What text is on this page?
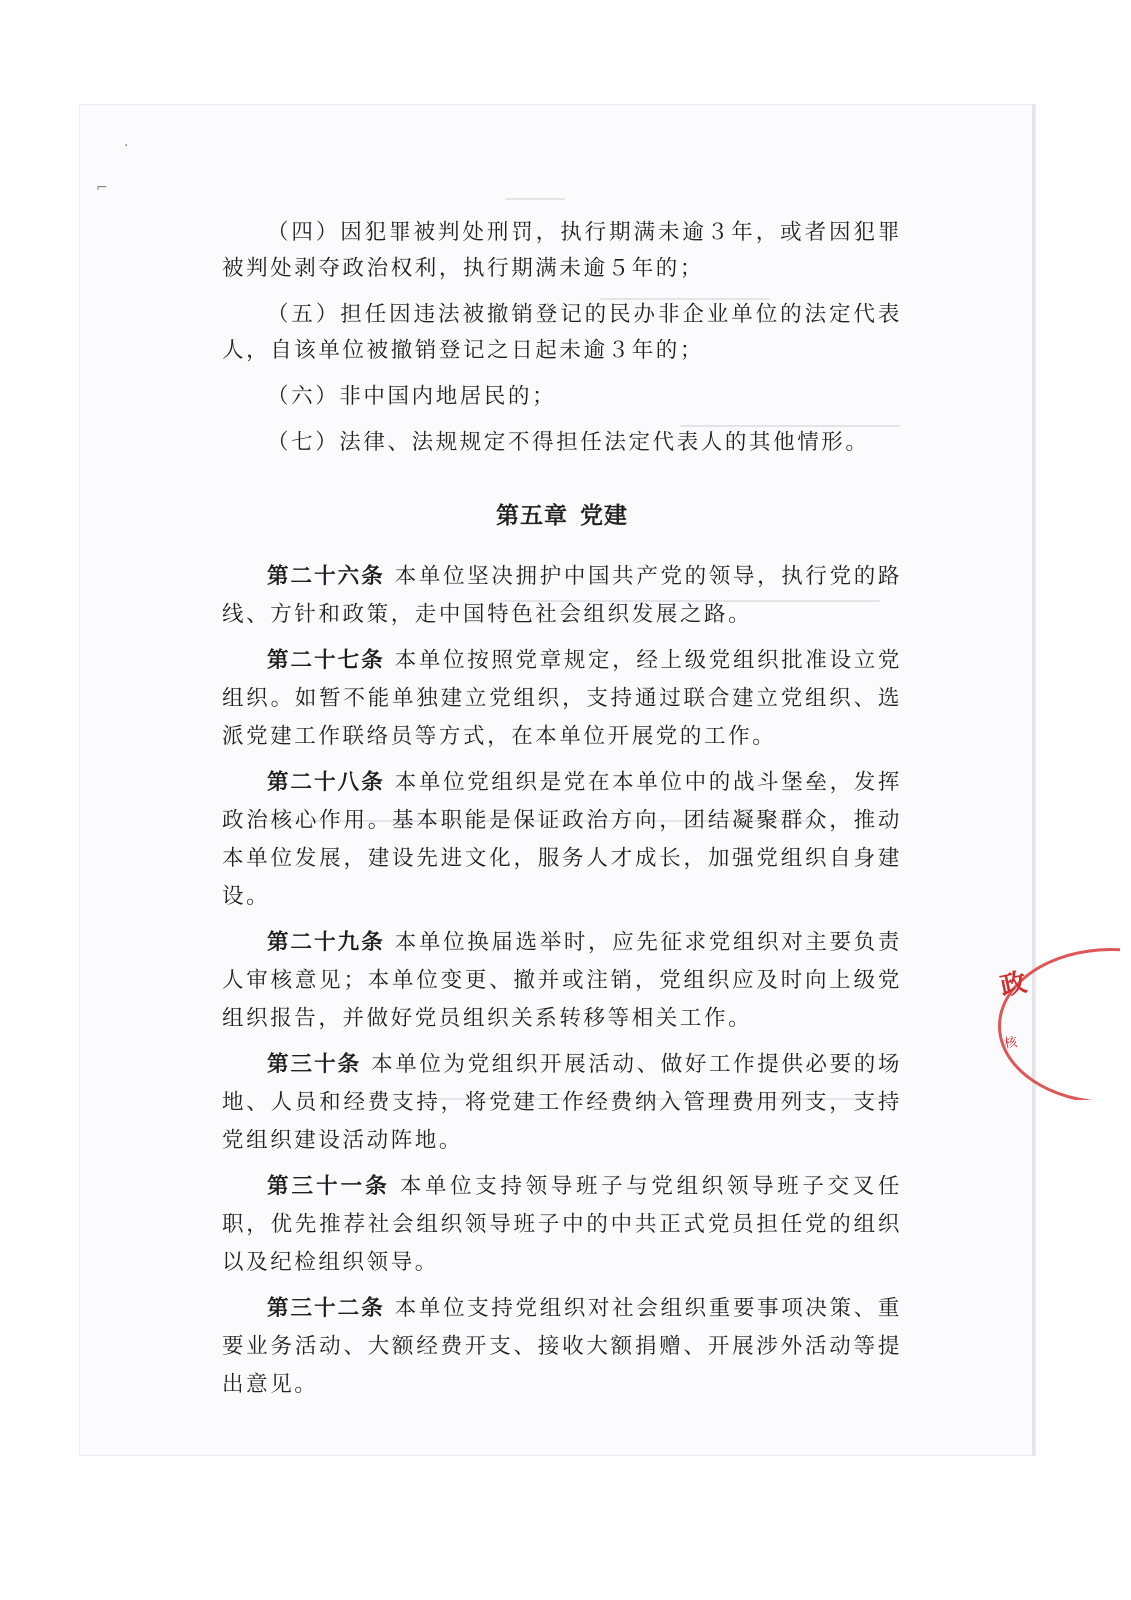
·
⌐

（四）因犯罪被判处刑罚，执行期满未逾３年，或者因犯罪被判处剥夺政治权利，执行期满未逾５年的；

（五）担任因违法被撤销登记的民办非企业单位的法定代表人，自该单位被撤销登记之日起未逾３年的；

（六）非中国内地居民的；

（七）法律、法规规定不得担任法定代表人的其他情形。

第五章 党建

第二十六条 本单位坚决拥护中国共产党的领导，执行党的路线、方针和政策，走中国特色社会组织发展之路。

第二十七条 本单位按照党章规定，经上级党组织批准设立党组织。如暂不能单独建立党组织，支持通过联合建立党组织、选派党建工作联络员等方式，在本单位开展党的工作。

第二十八条 本单位党组织是党在本单位中的战斗堡垒，发挥政治核心作用。基本职能是保证政治方向，团结凝聚群众，推动本单位发展，建设先进文化，服务人才成长，加强党组织自身建设。

第二十九条 本单位换届选举时，应先征求党组织对主要负责人审核意见；本单位变更、撤并或注销，党组织应及时向上级党组织报告，并做好党员组织关系转移等相关工作。

第三十条 本单位为党组织开展活动、做好工作提供必要的场地、人员和经费支持，将党建工作经费纳入管理费用列支，支持党组织建设活动阵地。

第三十一条 本单位支持领导班子与党组织领导班子交叉任职，优先推荐社会组织领导班子中的中共正式党员担任党的组织以及纪检组织领导。

第三十二条 本单位支持党组织对社会组织重要事项决策、重要业务活动、大额经费开支、接收大额捐赠、开展涉外活动等提出意见。

政
核
